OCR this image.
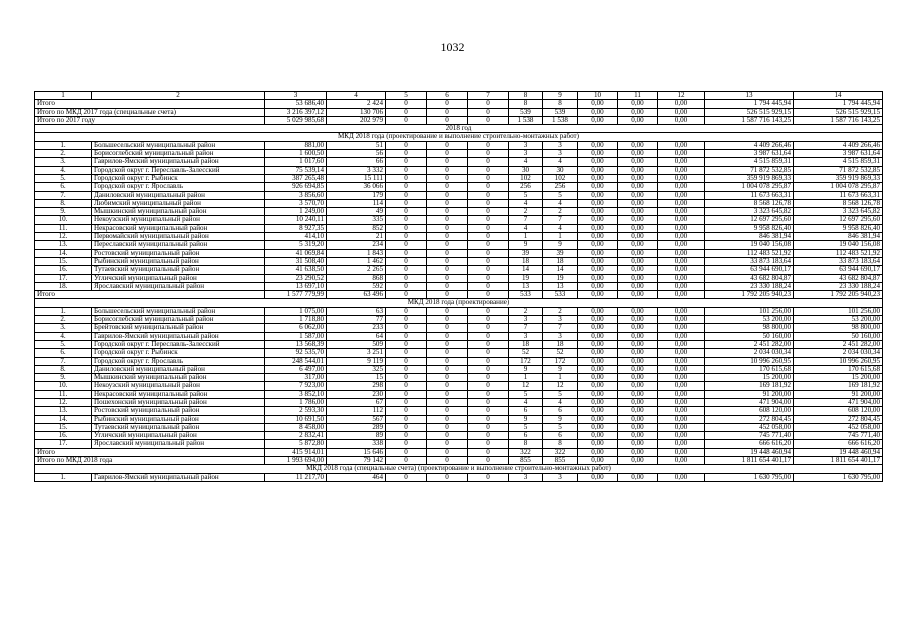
1032
1	2	3	4	5	6	7	8	9	10	11	12	13	14
Итого		53 686,40	2 424	0	0	0	8	8	0,00	0,00	0,00	1 794 445,94	1 794 445,94
Итого по МКД 2017 года (специальные счета)		3 216 397,12	130 706	0	0	0	539	539	0,00	0,00	0,00	526 515 929,15	526 515 929,15
Итого по 2017 году		5 029 985,68	202 979	0	0	0	1 538	1 538	0,00	0,00	0,00	1 587 716 143,25	1 587 716 143,25
2018 год													
МКД 2018 года (проектирование и выполнение строительно-монтажных работ)													
1.	Большесельский муниципальный район	881,00	51	0	0	0	3	3	0,00	0,00	0,00	4 409 266,46	4 409 266,46
2.	Борисоглебский муниципальный район	1 600,50	56	0	0	0	3	3	0,00	0,00	0,00	3 987 631,64	3 987 631,64
3.	Гаврилов-Ямский муниципальный район	1 017,60	66	0	0	0	4	4	0,00	0,00	0,00	4 515 859,31	4 515 859,31
4.	Городской округ г. Переславль-Залесский	75 539,14	3 332	0	0	0	30	30	0,00	0,00	0,00	71 872 532,85	71 872 532,85
5.	Городской округ г. Рыбинск	387 265,48	15 111	0	0	0	102	102	0,00	0,00	0,00	359 919 869,33	359 919 869,33
6.	Городской округ г. Ярославль	926 694,85	36 066	0	0	0	256	256	0,00	0,00	0,00	1 004 078 295,87	1 004 078 295,87
7.	Даниловский муниципальный район	3 856,60	179	0	0	0	5	5	0,00	0,00	0,00	11 673 663,31	11 673 663,31
8.	Любимский муниципальный район	3 570,70	114	0	0	0	4	4	0,00	0,00	0,00	8 568 126,78	8 568 126,78
9.	Мышкинский муниципальный район	1 249,00	49	0	0	0	2	2	0,00	0,00	0,00	3 323 645,82	3 323 645,82
10.	Некоузский муниципальный район	10 240,11	335	0	0	0	7	7	0,00	0,00	0,00	12 697 295,60	12 697 295,60
11.	Некрасовский муниципальный район	8 927,35	852	0	0	0	4	4	0,00	0,00	0,00	9 958 826,40	9 958 826,40
12.	Первомайский муниципальный район	414,10	21	0	0	0	1	1	0,00	0,00	0,00	846 381,94	846 381,94
13.	Переславский муниципальный район	5 319,20	234	0	0	0	9	9	0,00	0,00	0,00	19 040 156,08	19 040 156,08
14.	Ростовский муниципальный район	41 069,84	1 843	0	0	0	39	39	0,00	0,00	0,00	112 483 521,92	112 483 521,92
15.	Рыбинский муниципальный район	31 508,40	1 462	0	0	0	18	18	0,00	0,00	0,00	33 873 183,64	33 873 183,64
16.	Тутаевский муниципальный район	41 638,50	2 265	0	0	0	14	14	0,00	0,00	0,00	63 944 690,17	63 944 690,17
17.	Угличский муниципальный район	23 290,52	868	0	0	0	19	19	0,00	0,00	0,00	43 682 804,87	43 682 804,87
18.	Ярославский муниципальный район	13 697,10	592	0	0	0	13	13	0,00	0,00	0,00	23 330 188,24	23 330 188,24
Итого		1 577 779,99	63 496	0	0	0	533	533	0,00	0,00	0,00	1 792 205 940,23	1 792 205 940,23
МКД 2018 года (проектирование)													
1.	Большесельский муниципальный район	1 075,00	63	0	0	0	2	2	0,00	0,00	0,00	101 256,00	101 256,00
2.	Борисоглебский муниципальный район	1 718,80	77	0	0	0	3	3	0,00	0,00	0,00	53 200,00	53 200,00
3.	Брейтовский муниципальный район	6 062,00	233	0	0	0	7	7	0,00	0,00	0,00	98 800,00	98 800,00
4.	Гаврилов-Ямский муниципальный район	1 587,00	64	0	0	0	3	3	0,00	0,00	0,00	50 160,00	50 160,00
5.	Городской округ г. Переславль-Залесский	13 568,39	509	0	0	0	18	18	0,00	0,00	0,00	2 451 282,00	2 451 282,00
6.	Городской округ г. Рыбинск	92 535,70	3 251	0	0	0	52	52	0,00	0,00	0,00	2 034 030,34	2 034 030,34
7.	Городской округ г. Ярославль	248 544,01	9 119	0	0	0	172	172	0,00	0,00	0,00	10 996 260,95	10 996 260,95
8.	Даниловский муниципальный район	6 497,00	325	0	0	0	9	9	0,00	0,00	0,00	170 615,68	170 615,68
9.	Мышкинский муниципальный район	317,00	15	0	0	0	1	1	0,00	0,00	0,00	15 200,00	15 200,00
10.	Некоузский муниципальный район	7 923,00	298	0	0	0	12	12	0,00	0,00	0,00	169 181,92	169 181,92
11.	Некрасовский муниципальный район	3 852,10	230	0	0	0	5	5	0,00	0,00	0,00	91 200,00	91 200,00
12.	Пошехонский муниципальный район	1 786,00	67	0	0	0	4	4	0,00	0,00	0,00	471 904,00	471 904,00
13.	Ростовский муниципальный район	2 593,30	112	0	0	0	6	6	0,00	0,00	0,00	608 120,00	608 120,00
14.	Рыбинский муниципальный район	10 691,50	567	0	0	0	9	9	0,00	0,00	0,00	272 804,45	272 804,45
15.	Тутаевский муниципальный район	8 458,00	289	0	0	0	5	5	0,00	0,00	0,00	452 058,00	452 058,00
16.	Угличский муниципальный район	2 832,41	89	0	0	0	6	6	0,00	0,00	0,00	745 771,40	745 771,40
17.	Ярославский муниципальный район	5 872,80	338	0	0	0	8	8	0,00	0,00	0,00	666 616,20	666 616,20
Итого		415 914,01	15 646	0	0	0	322	322	0,00	0,00	0,00	19 448 460,94	19 448 460,94
Итого по МКД 2018 года		1 993 694,00	79 142	0	0	0	855	855	0,00	0,00	0,00	1 811 654 401,17	1 811 654 401,17
МКД 2018 года (специальные счета) (проектирование и выполнение строительно-монтажных работ)													
1.	Гаврилов-Ямский муниципальный район	11 217,70	464	0	0	0	3	3	0,00	0,00	0,00	1 630 795,00	1 630 795,00
